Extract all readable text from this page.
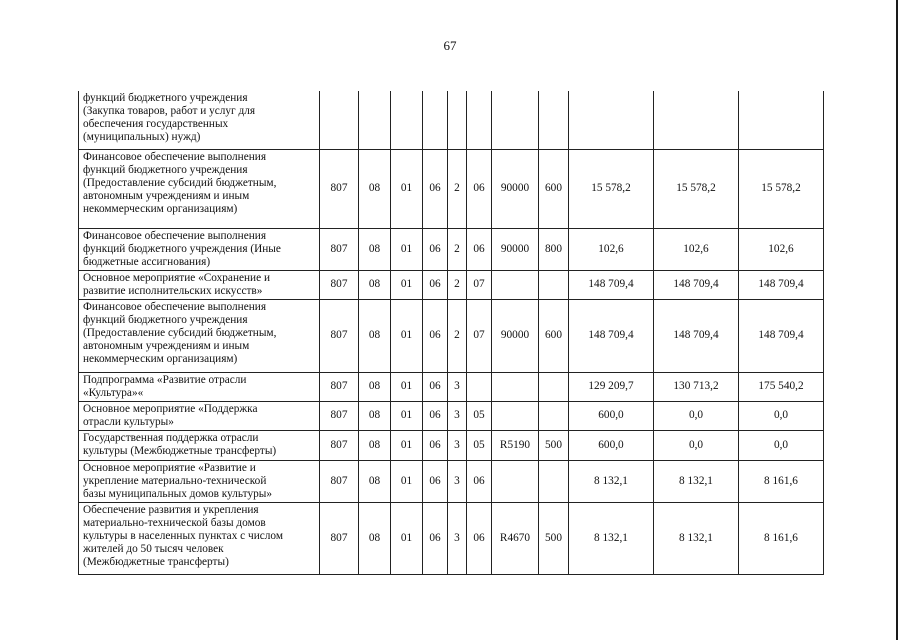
67
функций бюджетного учреждения
(Закупка товаров, работ и услуг для
обеспечения государственных
(муниципальных) нужд)											

Финансовое обеспечение выполнения
функций бюджетного учреждения
(Предоставление субсидий бюджетным,
автономным учреждениям и иным
некоммерческим организациям)	807	08	01	06	2	06	90000	600	15 578,2	15 578,2	15 578,2

Финансовое обеспечение выполнения
функций бюджетного учреждения (Иные
бюджетные ассигнования)	807	08	01	06	2	06	90000	800	102,6	102,6	102,6

Основное мероприятие «Сохранение и
развитие исполнительских искусств»	807	08	01	06	2	07			148 709,4	148 709,4	148 709,4

Финансовое обеспечение выполнения
функций бюджетного учреждения
(Предоставление субсидий бюджетным,
автономным учреждениям и иным
некоммерческим организациям)	807	08	01	06	2	07	90000	600	148 709,4	148 709,4	148 709,4

Подпрограмма «Развитие отрасли
«Культура»«	807	08	01	06	3				129 209,7	130 713,2	175 540,2

Основное мероприятие «Поддержка
отрасли культуры»	807	08	01	06	3	05			600,0	0,0	0,0

Государственная поддержка отрасли
культуры (Межбюджетные трансферты)	807	08	01	06	3	05	R5190	500	600,0	0,0	0,0

Основное мероприятие «Развитие и
укрепление материально-технической
базы муниципальных домов культуры»	807	08	01	06	3	06			8 132,1	8 132,1	8 161,6

Обеспечение развития и укрепления
материально-технической базы домов
культуры в населенных пунктах с числом
жителей до 50 тысяч человек
(Межбюджетные трансферты)	807	08	01	06	3	06	R4670	500	8 132,1	8 132,1	8 161,6
